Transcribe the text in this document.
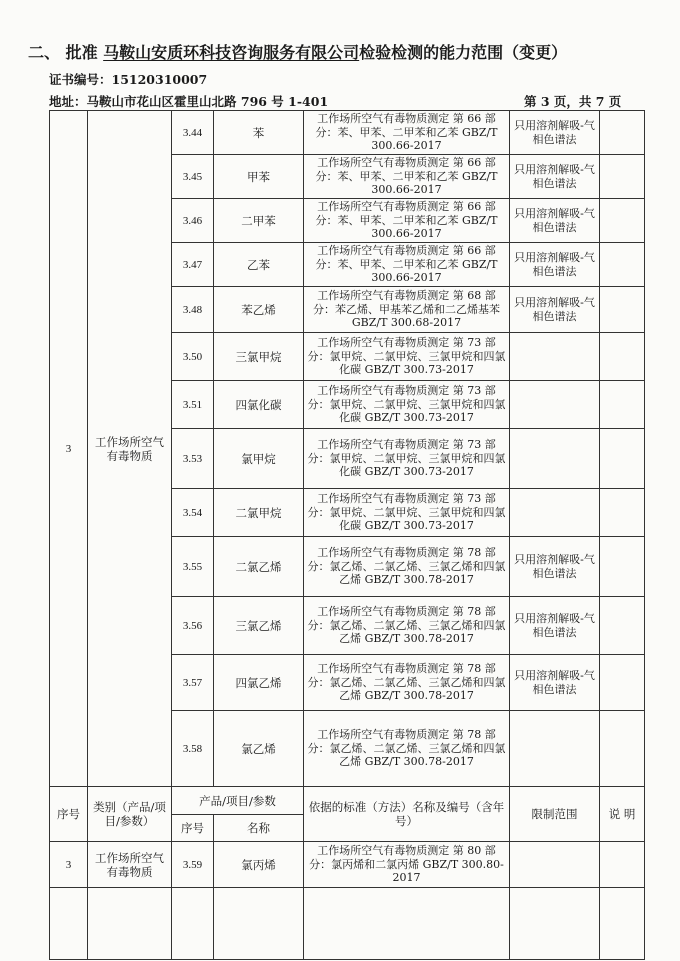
二、 批准 马鞍山安质环科技咨询服务有限公司检验检测的能力范围（变更）
证书编号：15120310007
地址：马鞍山市花山区霍里山北路 796 号 1-401	第 3 页，共 7 页
3	工作场所空气有毒物质	3.44	苯	工作场所空气有毒物质测定 第 66 部分：苯、甲苯、二甲苯和乙苯 GBZ/T 300.66-2017	只用溶剂解吸-气相色谱法	
		3.45	甲苯	工作场所空气有毒物质测定 第 66 部分：苯、甲苯、二甲苯和乙苯 GBZ/T 300.66-2017	只用溶剂解吸-气相色谱法	
		3.46	二甲苯	工作场所空气有毒物质测定 第 66 部分：苯、甲苯、二甲苯和乙苯 GBZ/T 300.66-2017	只用溶剂解吸-气相色谱法	
		3.47	乙苯	工作场所空气有毒物质测定 第 66 部分：苯、甲苯、二甲苯和乙苯 GBZ/T 300.66-2017	只用溶剂解吸-气相色谱法	
		3.48	苯乙烯	工作场所空气有毒物质测定 第 68 部分：苯乙烯、甲基苯乙烯和二乙烯基苯 GBZ/T 300.68-2017	只用溶剂解吸-气相色谱法	
		3.50	三氯甲烷	工作场所空气有毒物质测定 第 73 部分：氯甲烷、二氯甲烷、三氯甲烷和四氯化碳 GBZ/T 300.73-2017		
		3.51	四氯化碳	工作场所空气有毒物质测定 第 73 部分：氯甲烷、二氯甲烷、三氯甲烷和四氯化碳 GBZ/T 300.73-2017		
		3.53	氯甲烷	工作场所空气有毒物质测定 第 73 部分：氯甲烷、二氯甲烷、三氯甲烷和四氯化碳 GBZ/T 300.73-2017		
		3.54	二氯甲烷	工作场所空气有毒物质测定 第 73 部分：氯甲烷、二氯甲烷、三氯甲烷和四氯化碳 GBZ/T 300.73-2017		
		3.55	二氯乙烯	工作场所空气有毒物质测定 第 78 部分：氯乙烯、二氯乙烯、三氯乙烯和四氯乙烯 GBZ/T 300.78-2017	只用溶剂解吸-气相色谱法	
		3.56	三氯乙烯	工作场所空气有毒物质测定 第 78 部分：氯乙烯、二氯乙烯、三氯乙烯和四氯乙烯 GBZ/T 300.78-2017	只用溶剂解吸-气相色谱法	
		3.57	四氯乙烯	工作场所空气有毒物质测定 第 78 部分：氯乙烯、二氯乙烯、三氯乙烯和四氯乙烯 GBZ/T 300.78-2017	只用溶剂解吸-气相色谱法	
		3.58	氯乙烯	工作场所空气有毒物质测定 第 78 部分：氯乙烯、二氯乙烯、三氯乙烯和四氯乙烯 GBZ/T 300.78-2017		
序号	类别（产品/项目/参数）	产品/项目/参数		依据的标准（方法）名称及编号（含年号）	限制范围	说 明
		序号	名称			
3	工作场所空气有毒物质	3.59	氯丙烯	工作场所空气有毒物质测定 第 80 部分：氯丙烯和二氯丙烯 GBZ/T 300.80-2017		
